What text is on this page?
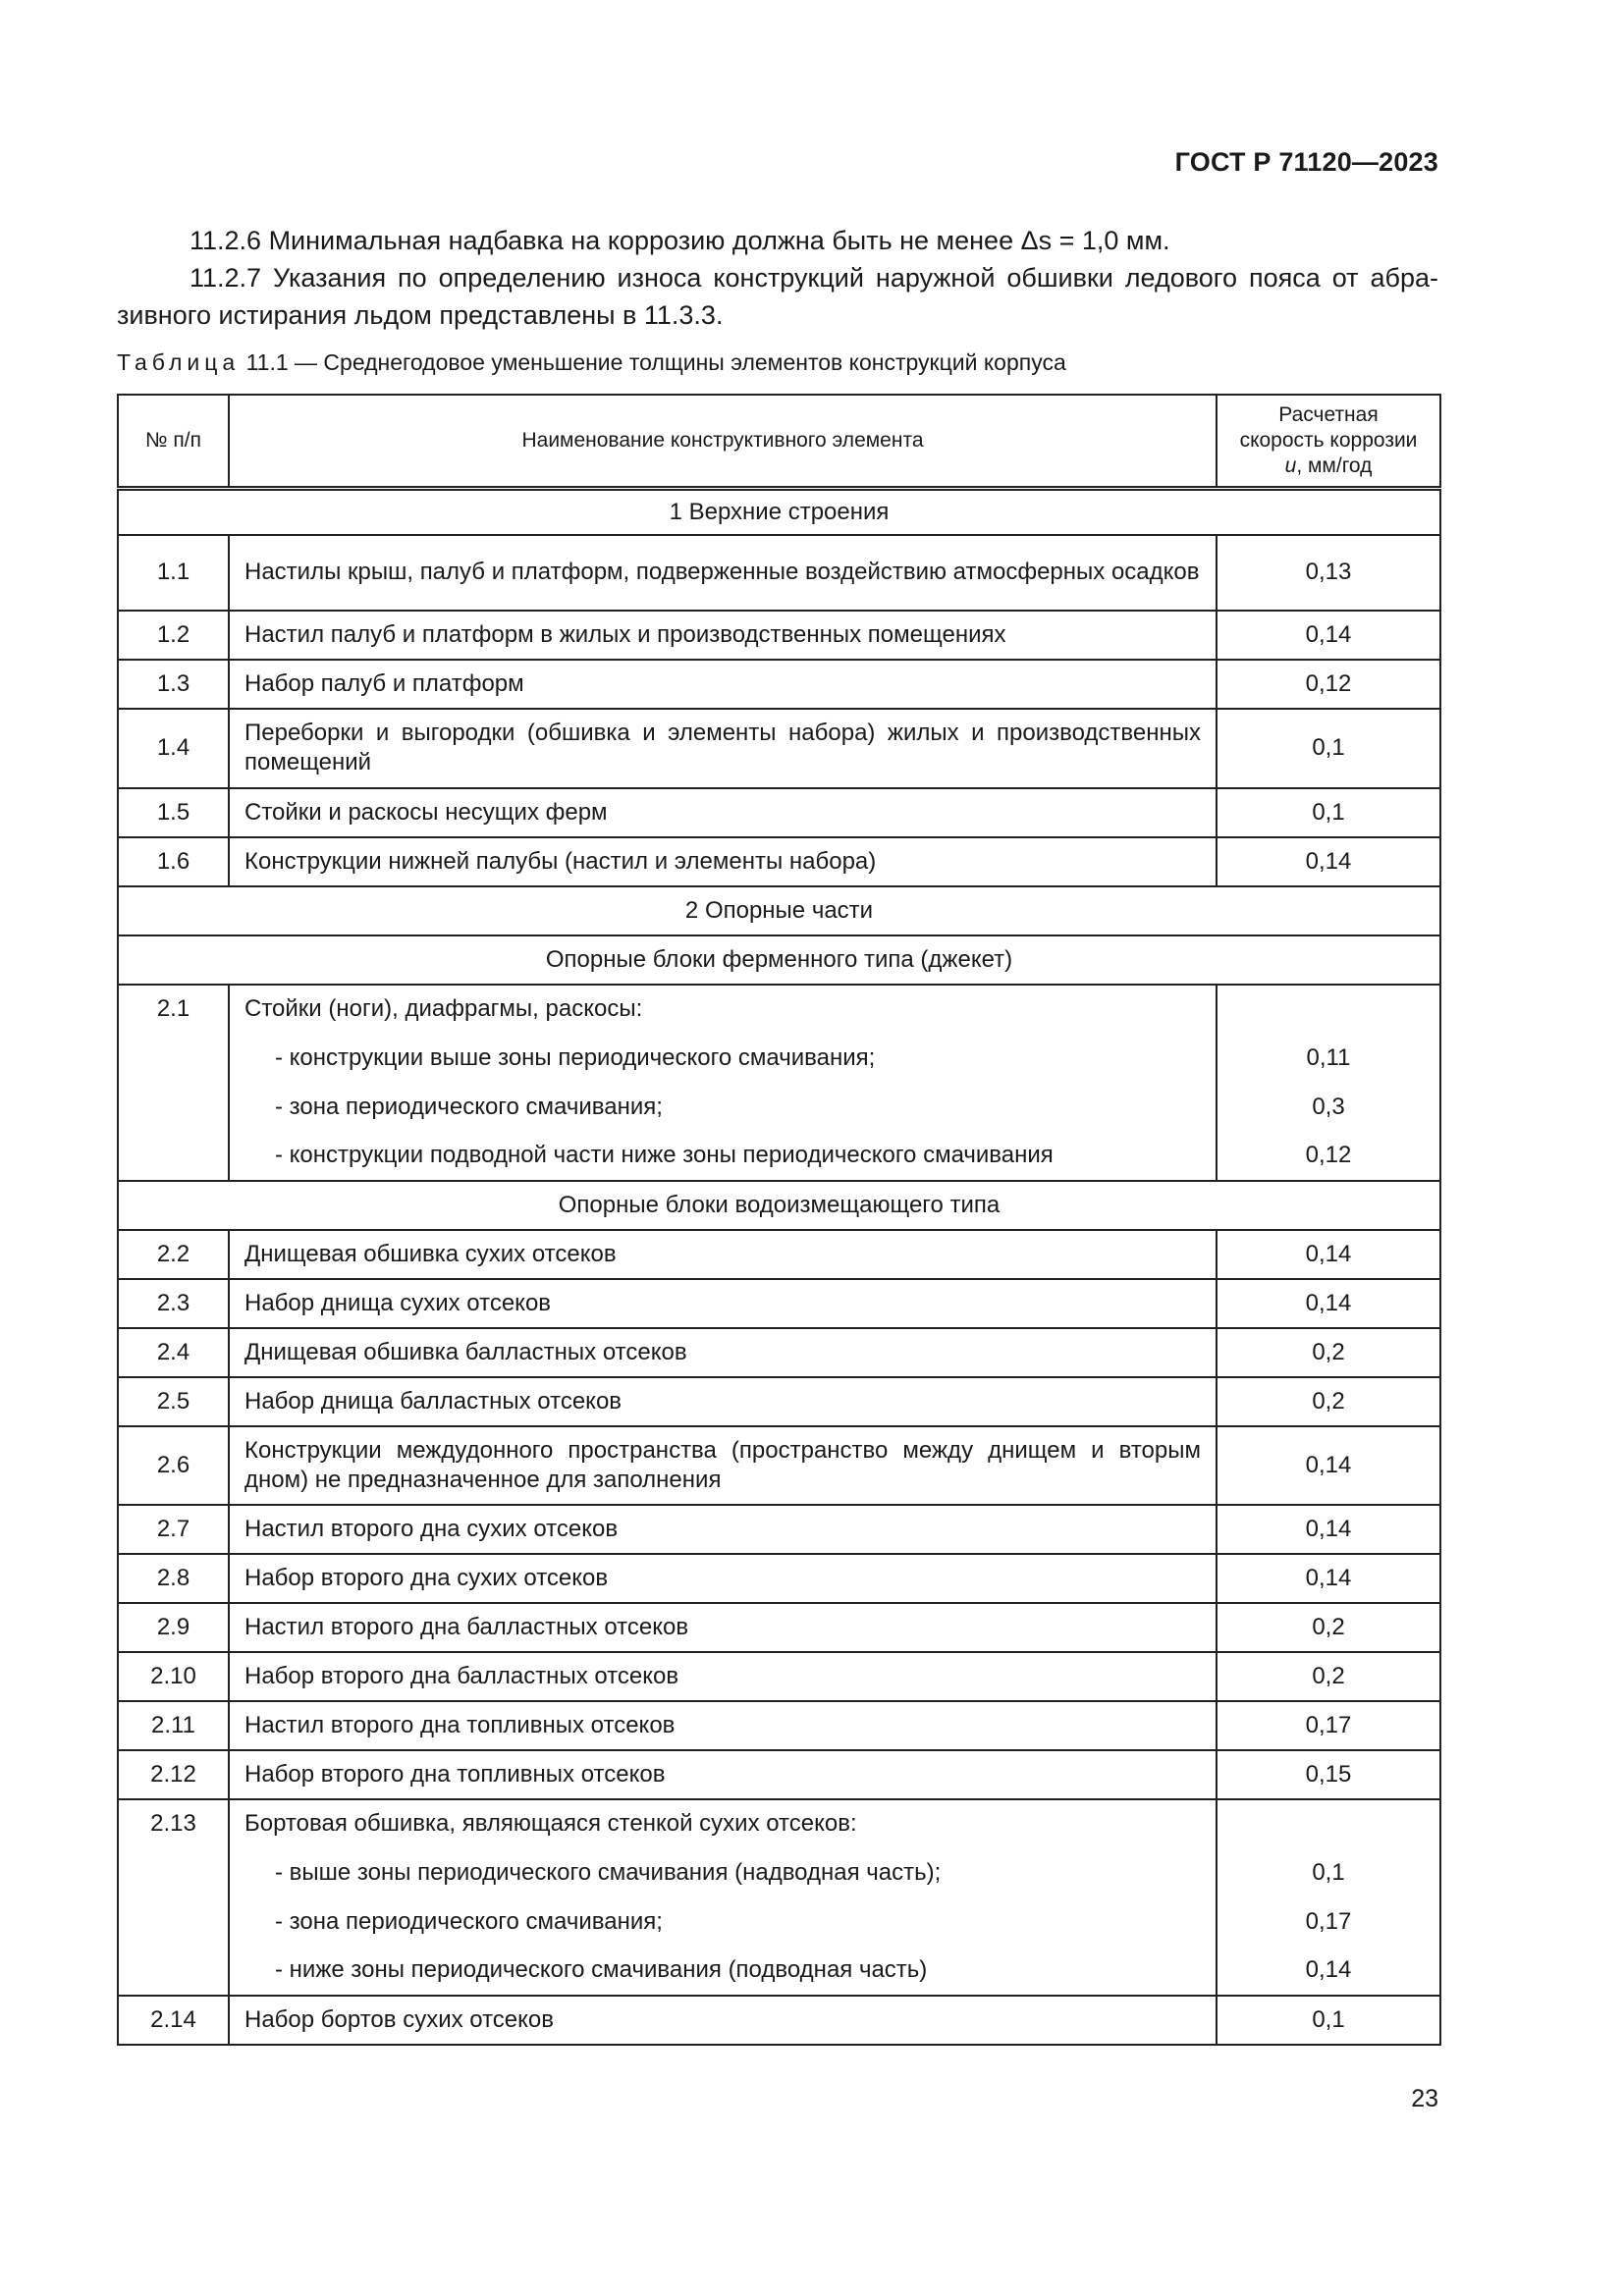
ГОСТ Р 71120—2023
11.2.6 Минимальная надбавка на коррозию должна быть не менее Δs = 1,0 мм.
11.2.7 Указания по определению износа конструкций наружной обшивки ледового пояса от абра-
зивного истирания льдом представлены в 11.3.3.
Таблица 11.1 — Среднегодовое уменьшение толщины элементов конструкций корпуса
№ п/п	Наименование конструктивного элемента	Расчетная
скорость коррозии
u, мм/год
1 Верхние строения		
1.1	Настилы крыш, палуб и платформ, подверженные воздействию атмосферных осадков	0,13
1.2	Настил палуб и платформ в жилых и производственных помещениях	0,14
1.3	Набор палуб и платформ	0,12
1.4	Переборки и выгородки (обшивка и элементы набора) жилых и производственных помещений	0,1
1.5	Стойки и раскосы несущих ферм	0,1
1.6	Конструкции нижней палубы (настил и элементы набора)	0,14
2 Опорные части		
Опорные блоки ферменного типа (джекет)		
2.1	Стойки (ноги), диафрагмы, раскосы:	
	- конструкции выше зоны периодического смачивания;	0,11
	- зона периодического смачивания;	0,3
	- конструкции подводной части ниже зоны периодического смачивания	0,12
Опорные блоки водоизмещающего типа		
2.2	Днищевая обшивка сухих отсеков	0,14
2.3	Набор днища сухих отсеков	0,14
2.4	Днищевая обшивка балластных отсеков	0,2
2.5	Набор днища балластных отсеков	0,2
2.6	Конструкции междудонного пространства (пространство между днищем и вторым дном) не предназначенное для заполнения	0,14
2.7	Настил второго дна сухих отсеков	0,14
2.8	Набор второго дна сухих отсеков	0,14
2.9	Настил второго дна балластных отсеков	0,2
2.10	Набор второго дна балластных отсеков	0,2
2.11	Настил второго дна топливных отсеков	0,17
2.12	Набор второго дна топливных отсеков	0,15
2.13	Бортовая обшивка, являющаяся стенкой сухих отсеков:	
	- выше зоны периодического смачивания (надводная часть);	0,1
	- зона периодического смачивания;	0,17
	- ниже зоны периодического смачивания (подводная часть)	0,14
2.14	Набор бортов сухих отсеков	0,1
23
